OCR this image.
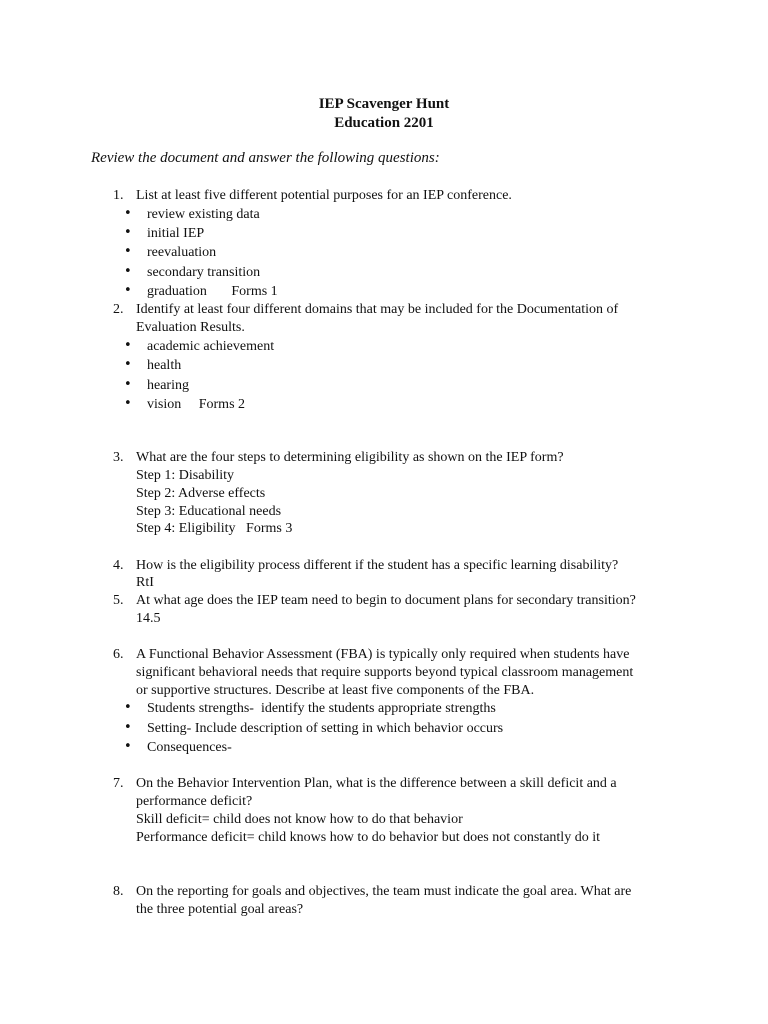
IEP Scavenger Hunt
Education 2201
Review the document and answer the following questions:
1. List at least five different potential purposes for an IEP conference.
review existing data
initial IEP
reevaluation
secondary transition
graduation       Forms 1
2. Identify at least four different domains that may be included for the Documentation of
Evaluation Results.
academic achievement
health
hearing
vision     Forms 2
3. What are the four steps to determining eligibility as shown on the IEP form?
Step 1: Disability
Step 2: Adverse effects
Step 3: Educational needs
Step 4: Eligibility   Forms 3
4. How is the eligibility process different if the student has a specific learning disability?
RtI
5. At what age does the IEP team need to begin to document plans for secondary transition?
14.5
6. A Functional Behavior Assessment (FBA) is typically only required when students have
significant behavioral needs that require supports beyond typical classroom management
or supportive structures. Describe at least five components of the FBA.
Students strengths-  identify the students appropriate strengths
Setting- Include description of setting in which behavior occurs
Consequences-
7. On the Behavior Intervention Plan, what is the difference between a skill deficit and a
performance deficit?
Skill deficit= child does not know how to do that behavior
Performance deficit= child knows how to do behavior but does not constantly do it
8. On the reporting for goals and objectives, the team must indicate the goal area. What are
the three potential goal areas?
